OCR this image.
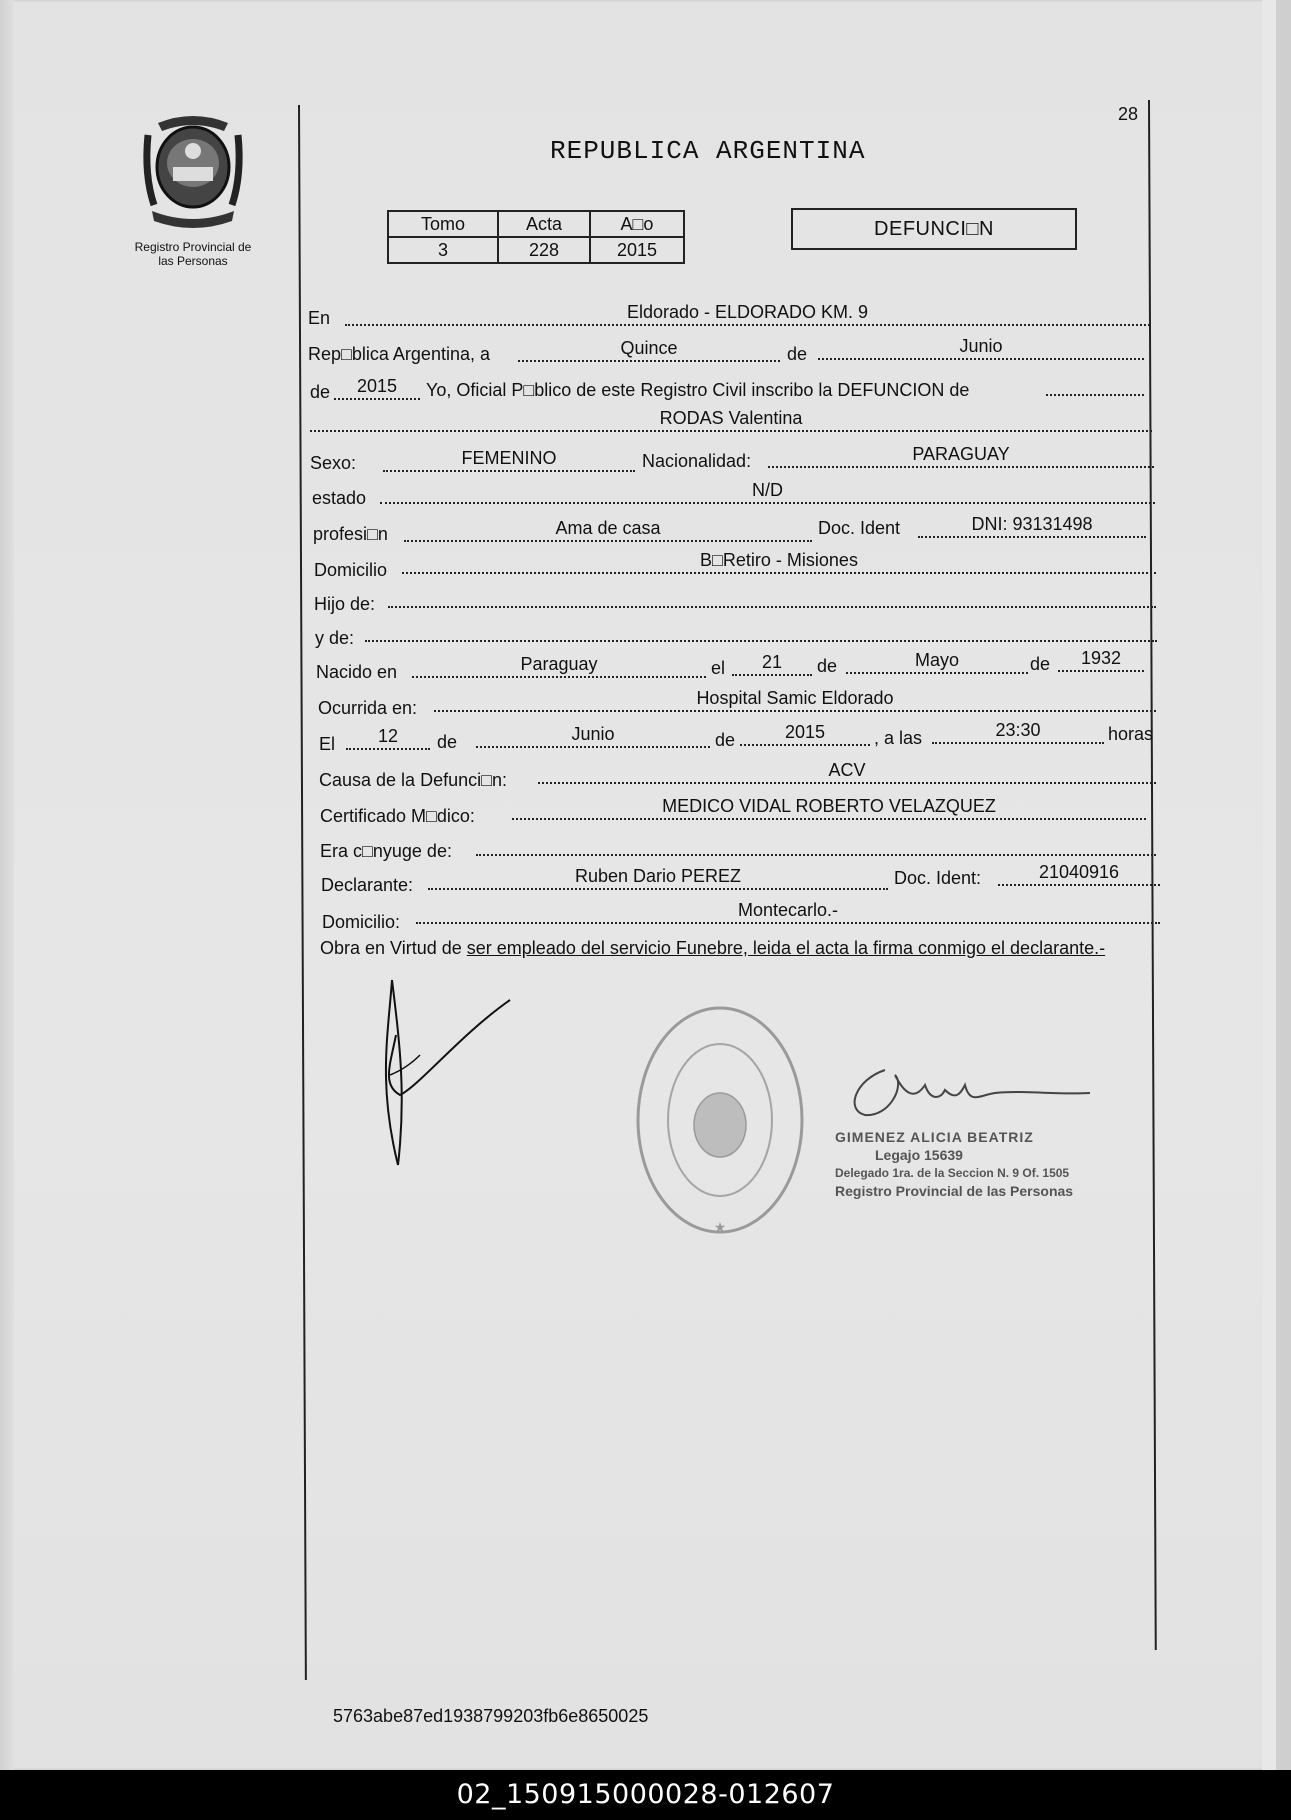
28
Registro Provincial de
las Personas
REPUBLICA ARGENTINA
Tomo	Acta	A□o
3	228	2015
DEFUNCI□N
En	Eldorado - ELDORADO KM. 9
Rep□blica Argentina, a	Quince	de	Junio
de	2015	Yo, Oficial P□blico de este Registro Civil inscribo la DEFUNCION de
RODAS Valentina
Sexo:	FEMENINO	Nacionalidad:	PARAGUAY
estado	N/D
profesi□n	Ama de casa	Doc. Ident	DNI: 93131498
Domicilio	B□Retiro - Misiones
Hijo de:
y de:
Nacido en	Paraguay	el	21	de	Mayo	de	1932
Ocurrida en:	Hospital Samic Eldorado
El	12	de	Junio	de	2015	, a las	23:30	horas
Causa de la Defunci□n:	ACV
Certificado M□dico:	MEDICO VIDAL ROBERTO VELAZQUEZ
Era c□nyuge de:
Declarante:	Ruben Dario PEREZ	Doc. Ident:	21040916
Domicilio:
Montecarlo.-
Obra en Virtud de ser empleado del servicio Funebre, leida el acta la firma conmigo el declarante.-
★
GIMENEZ ALICIA BEATRIZ
Legajo 15639
Delegado 1ra. de la Seccion N. 9 Of. 1505
Registro Provincial de las Personas
5763abe87ed1938799203fb6e8650025
02_150915000028-012607
